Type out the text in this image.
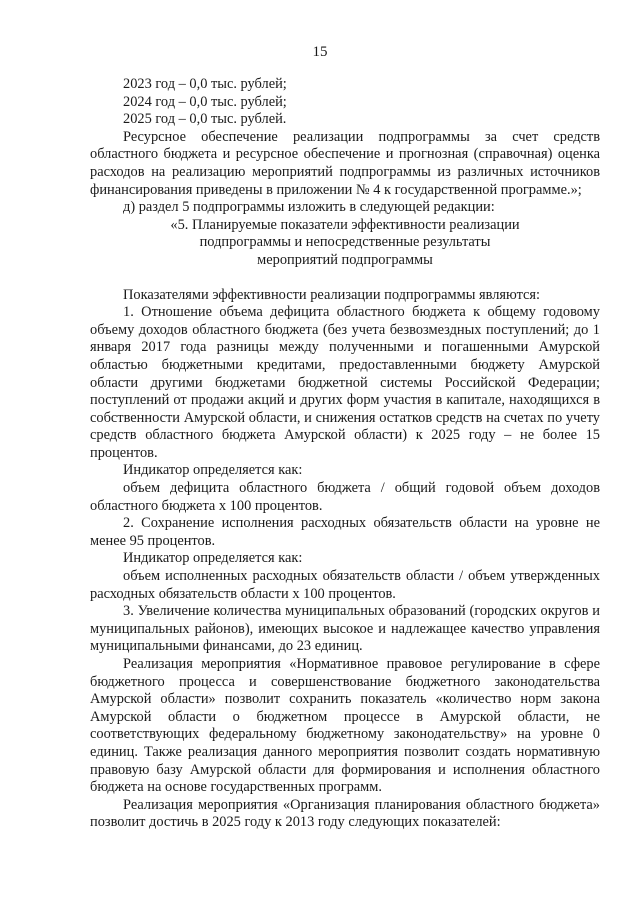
15

2023 год – 0,0 тыс. рублей;

2024 год – 0,0 тыс. рублей;

2025 год – 0,0 тыс. рублей.

Ресурсное обеспечение реализации подпрограммы за счет средств областного бюджета и ресурсное обеспечение и прогнозная (справочная) оценка расходов на реализацию мероприятий подпрограммы из различных источников финансирования приведены в приложении № 4 к государственной программе.»;

д) раздел 5 подпрограммы изложить в следующей редакции:

«5. Планируемые показатели эффективности реализации

подпрограммы и непосредственные результаты

мероприятий подпрограммы

Показателями эффективности реализации подпрограммы являются:

1. Отношение объема дефицита областного бюджета к общему годовому объему доходов областного бюджета (без учета безвозмездных поступлений; до 1 января 2017 года разницы между полученными и погашенными Амурской областью бюджетными кредитами, предоставленными бюджету Амурской области другими бюджетами бюджетной системы Российской Федерации; поступлений от продажи акций и других форм участия в капитале, находящихся в собственности Амурской области, и снижения остатков средств на счетах по учету средств областного бюджета Амурской области) к 2025 году – не более 15 процентов.

Индикатор определяется как:

объем дефицита областного бюджета / общий годовой объем доходов областного бюджета х 100 процентов.

2. Сохранение исполнения расходных обязательств области на уровне не менее 95 процентов.

Индикатор определяется как:

объем исполненных расходных обязательств области / объем утвержденных расходных обязательств области х 100 процентов.

3. Увеличение количества муниципальных образований (городских округов и муниципальных районов), имеющих высокое и надлежащее качество управления муниципальными финансами, до 23 единиц.

Реализация мероприятия «Нормативное правовое регулирование в сфере бюджетного процесса и совершенствование бюджетного законодательства Амурской области» позволит сохранить показатель «количество норм закона Амурской области о бюджетном процессе в Амурской области, не соответствующих федеральному бюджетному законодательству» на уровне 0 единиц. Также реализация данного мероприятия позволит создать нормативную правовую базу Амурской области для формирования и исполнения областного бюджета на основе государственных программ.

Реализация мероприятия «Организация планирования областного бюджета» позволит достичь в 2025 году к 2013 году следующих показателей:
